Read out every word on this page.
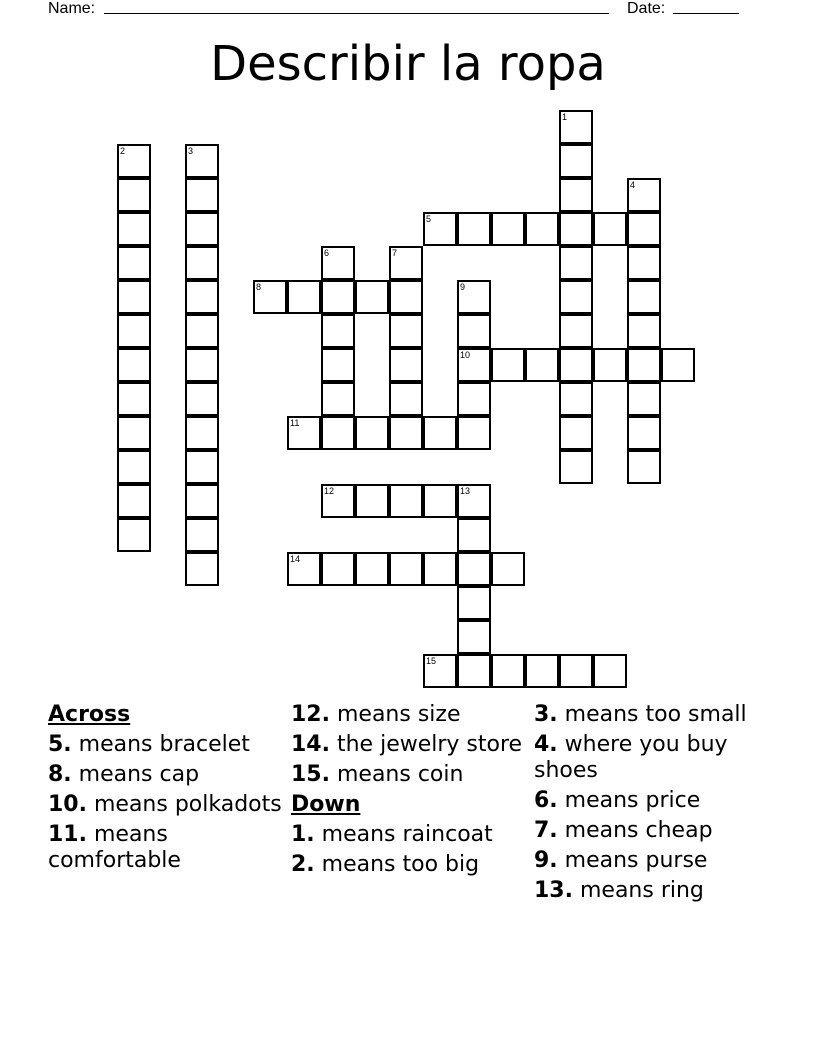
Name:	Date:
Describir la ropa
1
2	3
4
5
6	7
8	9
10
11
12	13
14
15
Across
5. means bracelet
8. means cap
10. means polkadots
11. means comfortable
12. means size
14. the jewelry store
15. means coin
Down
1. means raincoat
2. means too big
3. means too small
4. where you buy shoes
6. means price
7. means cheap
9. means purse
13. means ring
